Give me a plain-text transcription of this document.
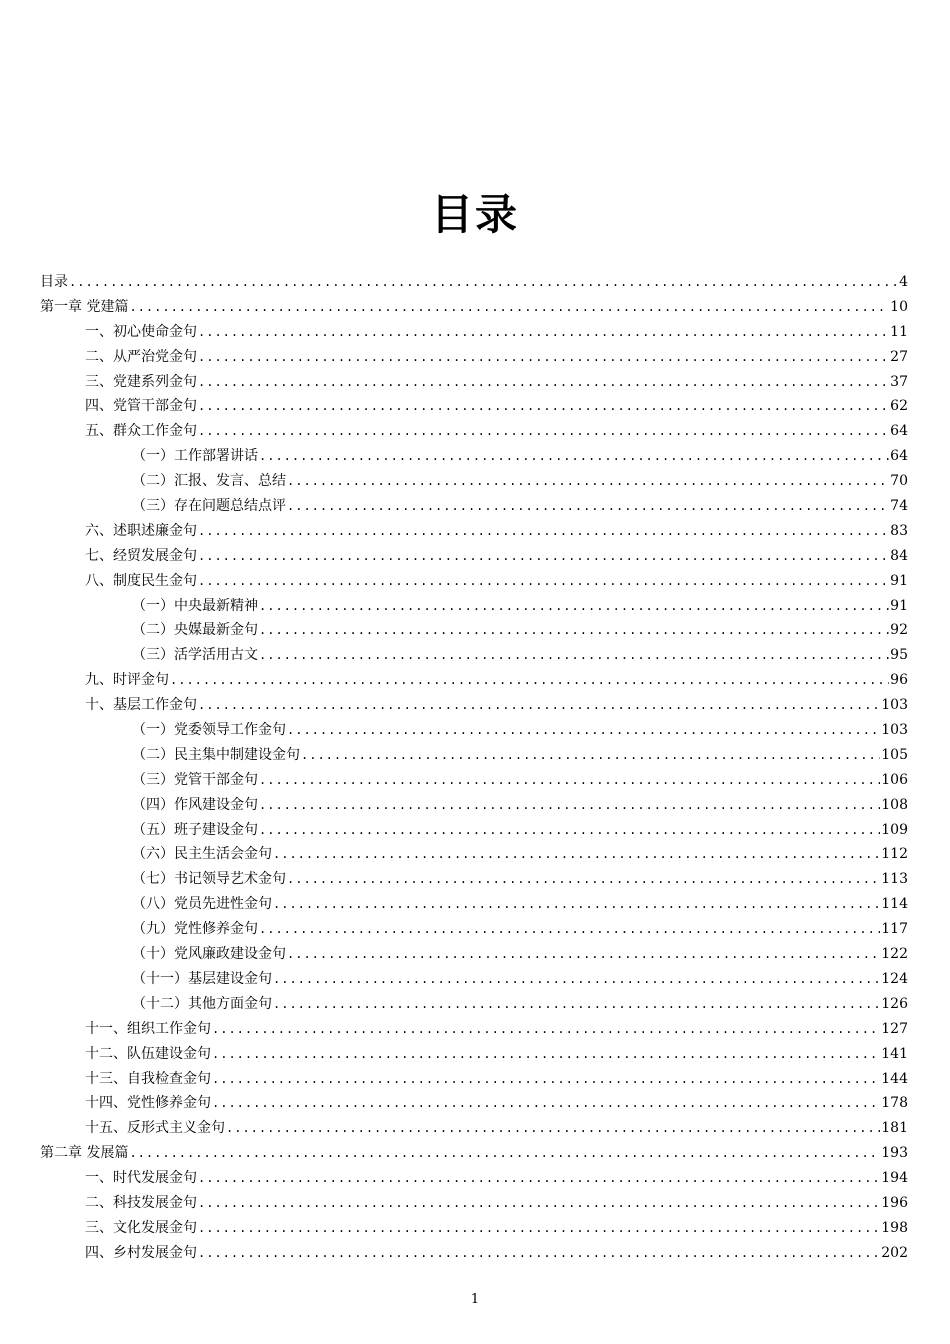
目录
目录 .....	4
第一章 党建篇 .....	10
一、初心使命金句 .....	11
二、从严治党金句 .....	27
三、党建系列金句 .....	37
四、党管干部金句 .....	62
五、群众工作金句 .....	64
（一）工作部署讲话 .....	64
（二）汇报、发言、总结 .....	70
（三）存在问题总结点评 .....	74
六、述职述廉金句 .....	83
七、经贸发展金句 .....	84
八、制度民生金句 .....	91
（一）中央最新精神 .....	91
（二）央媒最新金句 .....	92
（三）活学活用古文 .....	95
九、时评金句 .....	96
十、基层工作金句 .....	103
（一）党委领导工作金句 .....	103
（二）民主集中制建设金句 .....	105
（三）党管干部金句 .....	106
（四）作风建设金句 .....	108
（五）班子建设金句 .....	109
（六）民主生活会金句 .....	112
（七）书记领导艺术金句 .....	113
（八）党员先进性金句 .....	114
（九）党性修养金句 .....	117
（十）党风廉政建设金句 .....	122
（十一）基层建设金句 .....	124
（十二）其他方面金句 .....	126
十一、组织工作金句 .....	127
十二、队伍建设金句 .....	141
十三、自我检查金句 .....	144
十四、党性修养金句 .....	178
十五、反形式主义金句 .....	181
第二章 发展篇 .....	193
一、时代发展金句 .....	194
二、科技发展金句 .....	196
三、文化发展金句 .....	198
四、乡村发展金句 .....	202
1
